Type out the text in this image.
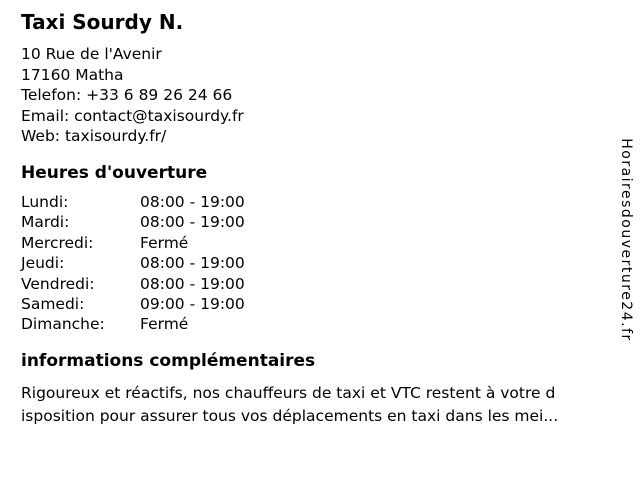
Taxi Sourdy N.
10 Rue de l'Avenir
17160 Matha
Telefon: +33 6 89 26 24 66
Email: contact@taxisourdy.fr
Web: taxisourdy.fr/
Heures d'ouverture
Lundi:	08:00 - 19:00
Mardi:	08:00 - 19:00
Mercredi:	Fermé
Jeudi:	08:00 - 19:00
Vendredi:	08:00 - 19:00
Samedi:	09:00 - 19:00
Dimanche:	Fermé
informations complémentaires

Rigoureux et réactifs, nos chauffeurs de taxi et VTC restent à votre d
isposition pour assurer tous vos déplacements en taxi dans les mei...

Horairesdouverture24.fr
